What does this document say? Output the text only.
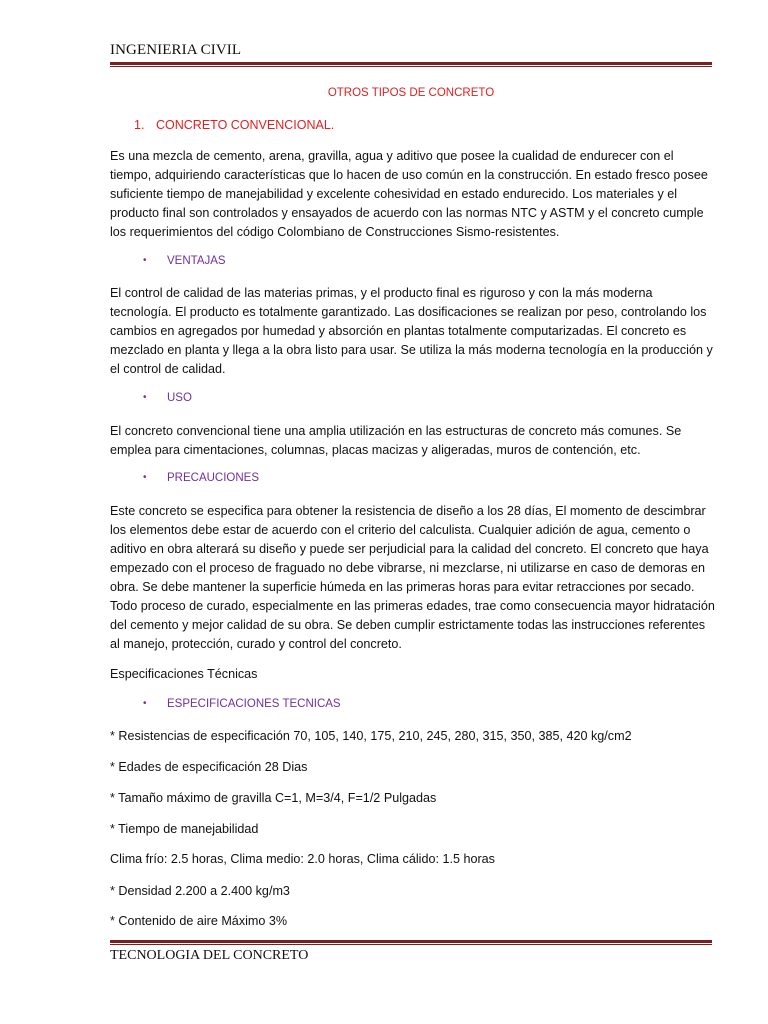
INGENIERIA CIVIL
OTROS TIPOS DE CONCRETO
1. CONCRETO CONVENCIONAL.

Es una mezcla de cemento, arena, gravilla, agua y aditivo que posee la cualidad de endurecer con el tiempo, adquiriendo características que lo hacen de uso común en la construcción. En estado fresco posee suficiente tiempo de manejabilidad y excelente cohesividad en estado endurecido. Los materiales y el producto final son controlados y ensayados de acuerdo con las normas NTC y ASTM y el concreto cumple los requerimientos del código Colombiano de Construcciones Sismo-resistentes.

• VENTAJAS

El control de calidad de las materias primas, y el producto final es riguroso y con la más moderna tecnología. El producto es totalmente garantizado. Las dosificaciones se realizan por peso, controlando los cambios en agregados por humedad y absorción en plantas totalmente computarizadas. El concreto es mezclado en planta y llega a la obra listo para usar. Se utiliza la más moderna tecnología en la producción y el control de calidad.

• USO

El concreto convencional tiene una amplia utilización en las estructuras de concreto más comunes. Se emplea para cimentaciones, columnas, placas macizas y aligeradas, muros de contención, etc.

• PRECAUCIONES

Este concreto se especifica para obtener la resistencia de diseño a los 28 días, El momento de descimbrar los elementos debe estar de acuerdo con el criterio del calculista. Cualquier adición de agua, cemento o aditivo en obra alterará su diseño y puede ser perjudicial para la calidad del concreto. El concreto que haya empezado con el proceso de fraguado no debe vibrarse, ni mezclarse, ni utilizarse en caso de demoras en obra. Se debe mantener la superficie húmeda en las primeras horas para evitar retracciones por secado. Todo proceso de curado, especialmente en las primeras edades, trae como consecuencia mayor hidratación del cemento y mejor calidad de su obra. Se deben cumplir estrictamente todas las instrucciones referentes al manejo, protección, curado y control del concreto.

Especificaciones Técnicas

• ESPECIFICACIONES TECNICAS

* Resistencias de especificación 70, 105, 140, 175, 210, 245, 280, 315, 350, 385, 420 kg/cm2

* Edades de especificación 28 Dias

* Tamaño máximo de gravilla C=1, M=3/4, F=1/2 Pulgadas

* Tiempo de manejabilidad

Clima frío: 2.5 horas, Clima medio: 2.0 horas, Clima cálido: 1.5 horas

* Densidad 2.200 a 2.400 kg/m3

* Contenido de aire Máximo 3%

TECNOLOGIA DEL CONCRETO
